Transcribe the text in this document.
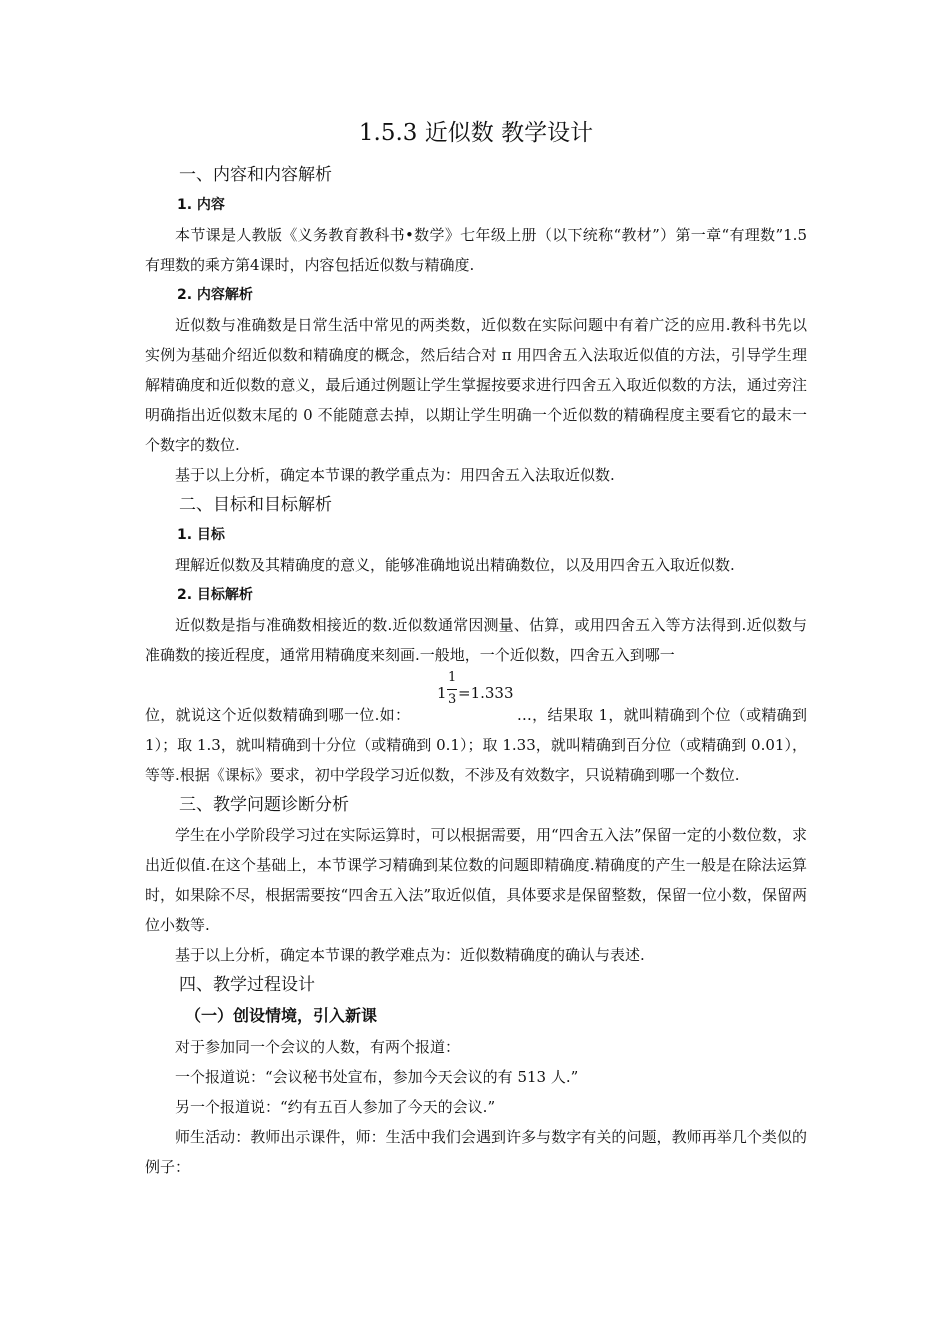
1.5.3 近似数 教学设计
一、内容和内容解析
1. 内容

本节课是人教版《义务教育教科书•数学》七年级上册（以下统称“教材”）第一章“有理数”1.5有理数的乘方第4课时，内容包括近似数与精确度.

2. 内容解析

近似数与准确数是日常生活中常见的两类数，近似数在实际问题中有着广泛的应用.教科书先以实例为基础介绍近似数和精确度的概念，然后结合对 π 用四舍五入法取近似值的方法，引导学生理解精确度和近似数的意义，最后通过例题让学生掌握按要求进行四舍五入取近似数的方法，通过旁注明确指出近似数末尾的 0 不能随意去掉，以期让学生明确一个近似数的精确程度主要看它的最末一个数字的数位.

基于以上分析，确定本节课的教学重点为：用四舍五入法取近似数.

二、目标和目标解析
1. 目标

理解近似数及其精确度的意义，能够准确地说出精确数位，以及用四舍五入取近似数.

2. 目标解析

近似数是指与准确数相接近的数.近似数通常因测量、估算，或用四舍五入等方法得到.近似数与准确数的接近程度，通常用精确度来刻画.一般地，一个近似数，四舍五入到哪一

1
1
3 =1.333

位，就说这个近似数精确到哪一位.如：                     …，结果取 1，就叫精确到个位（或精确到 1）；取 1.3，就叫精确到十分位（或精确到 0.1）；取 1.33，就叫精确到百分位（或精确到 0.01），等等.根据《课标》要求，初中学段学习近似数，不涉及有效数字，只说精确到哪一个数位.

三、教学问题诊断分析

学生在小学阶段学习过在实际运算时，可以根据需要，用“四舍五入法”保留一定的小数位数，求出近似值.在这个基础上，本节课学习精确到某位数的问题即精确度.精确度的产生一般是在除法运算时，如果除不尽，根据需要按“四舍五入法”取近似值，具体要求是保留整数，保留一位小数，保留两位小数等.

基于以上分析，确定本节课的教学难点为：近似数精确度的确认与表述.

四、教学过程设计
（一）创设情境，引入新课

对于参加同一个会议的人数，有两个报道：

一个报道说：“会议秘书处宣布，参加今天会议的有 513 人.”

另一个报道说：“约有五百人参加了今天的会议.”

师生活动：教师出示课件，师：生活中我们会遇到许多与数字有关的问题，教师再举几个类似的例子：
